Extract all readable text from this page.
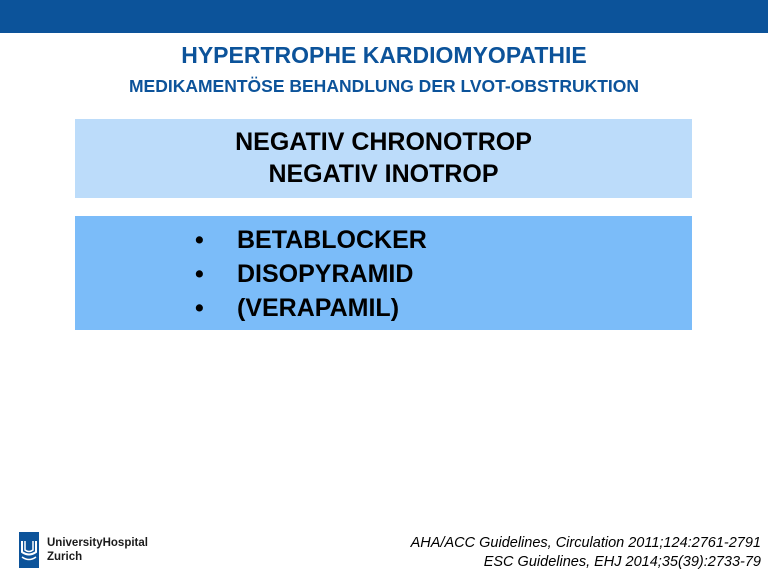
HYPERTROPHE KARDIOMYOPATHIE
MEDIKAMENTÖSE BEHANDLUNG DER LVOT-OBSTRUKTION
NEGATIV CHRONOTROP
NEGATIV INOTROP
• BETABLOCKER
• DISOPYRAMID
• (VERAPAMIL)
UniversityHospital
Zurich
AHA/ACC Guidelines, Circulation 2011;124:2761-2791
ESC Guidelines, EHJ 2014;35(39):2733-79
